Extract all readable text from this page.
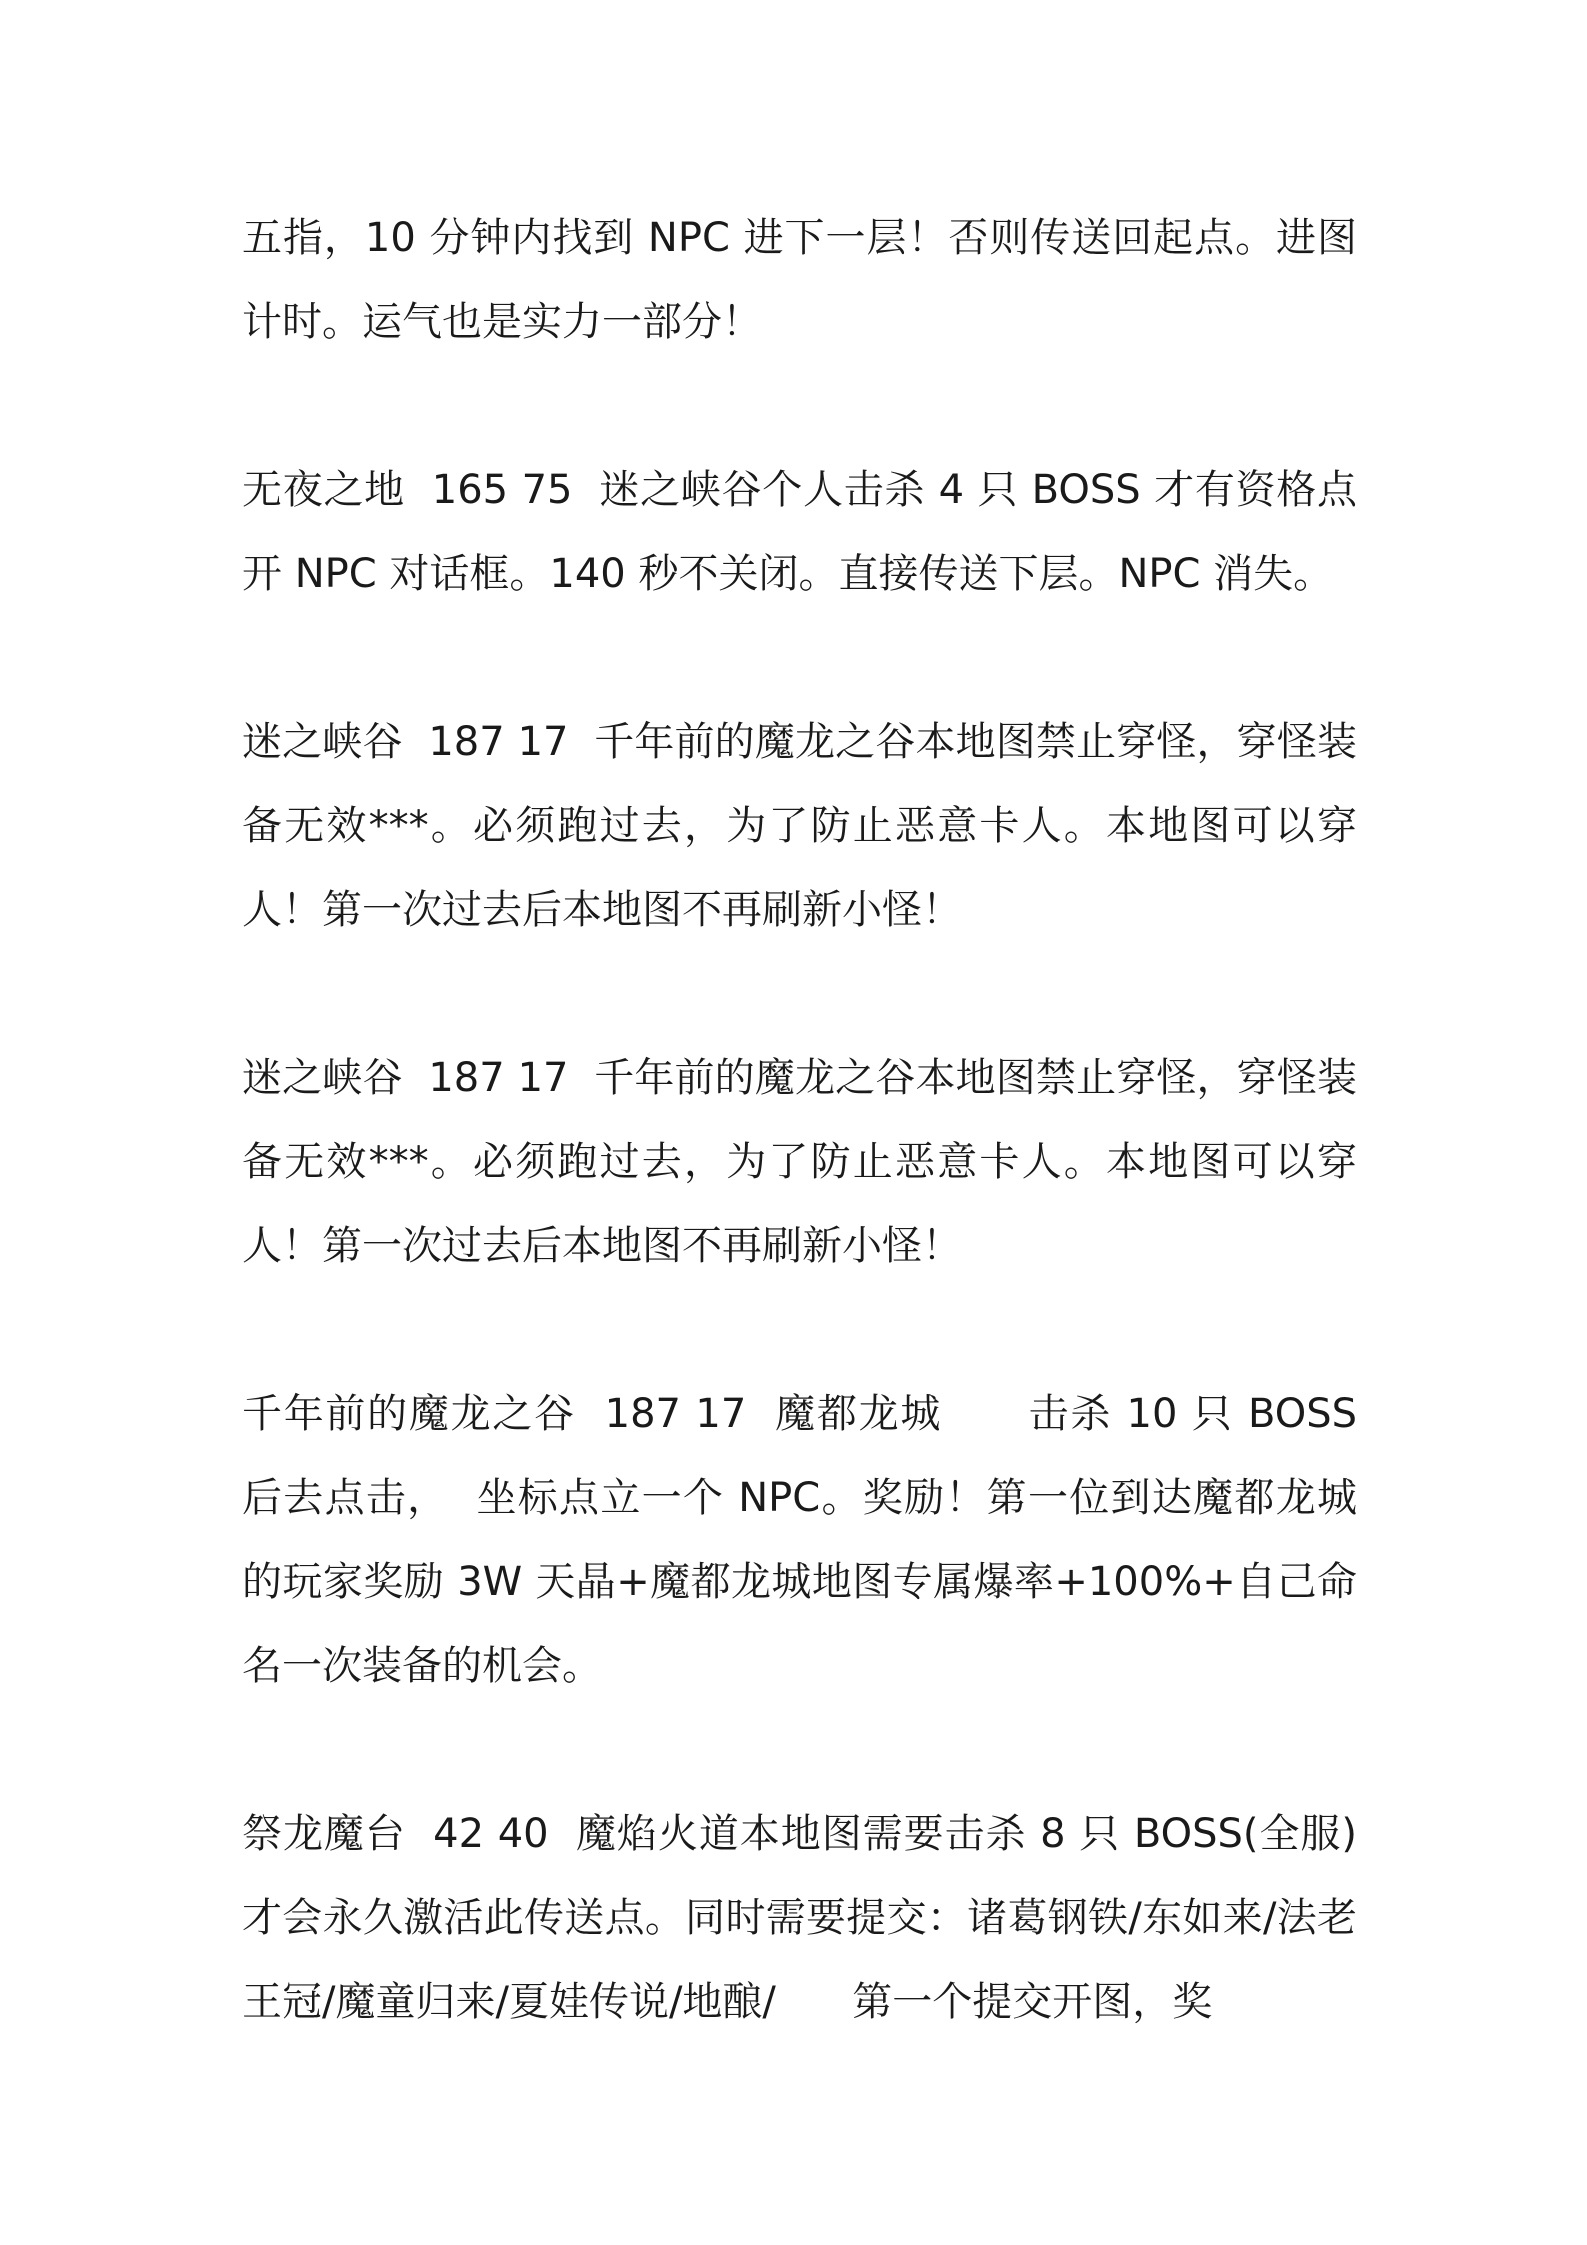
五指，10 分钟内找到 NPC 进下一层！否则传送回起点。进图计时。运气也是实力一部分！

无夜之地  165 75  迷之峡谷个人击杀 4 只 BOSS 才有资格点开 NPC 对话框。140 秒不关闭。直接传送下层。NPC 消失。

迷之峡谷  187 17  千年前的魔龙之谷本地图禁止穿怪，穿怪装备无效***。必须跑过去，为了防止恶意卡人。本地图可以穿人！第一次过去后本地图不再刷新小怪！

迷之峡谷  187 17  千年前的魔龙之谷本地图禁止穿怪，穿怪装备无效***。必须跑过去，为了防止恶意卡人。本地图可以穿人！第一次过去后本地图不再刷新小怪！

千年前的魔龙之谷  187 17  魔都龙城      击杀 10 只 BOSS 后去点击，  坐标点立一个 NPC。奖励！第一位到达魔都龙城的玩家奖励 3W 天晶+魔都龙城地图专属爆率+100%+自己命名一次装备的机会。

祭龙魔台  42 40  魔焰火道本地图需要击杀 8 只 BOSS(全服)才会永久激活此传送点。同时需要提交：诸葛钢铁/东如来/法老王冠/魔童归来/夏娃传说/地酿/      第一个提交开图，奖
